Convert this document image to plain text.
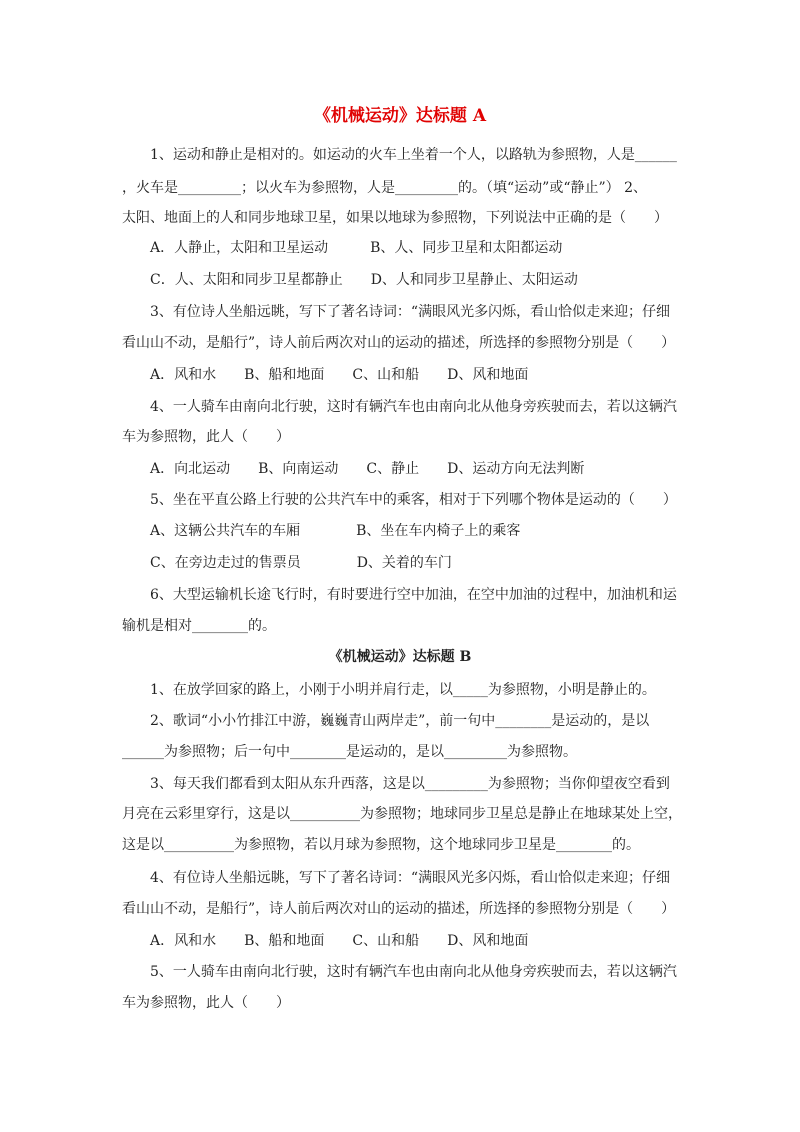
《机械运动》达标题 A
1、运动和静止是相对的。如运动的火车上坐着一个人，以路轨为参照物，人是______
，火车是_________；以火车为参照物，人是_________的。（填“运动”或“静止”） 2、
太阳、地面上的人和同步地球卫星，如果以地球为参照物，下列说法中正确的是（　　）
A．人静止，太阳和卫星运动　　　B、人、同步卫星和太阳都运动
C．人、太阳和同步卫星都静止　　D、人和同步卫星静止、太阳运动
3、有位诗人坐船远眺，写下了著名诗词：“满眼风光多闪烁，看山恰似走来迎；仔细
看山山不动，是船行”，诗人前后两次对山的运动的描述，所选择的参照物分别是（　　）
A．风和水　　B、船和地面　　C、山和船　　D、风和地面
4、一人骑车由南向北行驶，这时有辆汽车也由南向北从他身旁疾驶而去，若以这辆汽
车为参照物，此人（　　）
A．向北运动　　B、向南运动　　C、静止　　D、运动方向无法判断
5、坐在平直公路上行驶的公共汽车中的乘客，相对于下列哪个物体是运动的（　　）
A、这辆公共汽车的车厢　　　　B、坐在车内椅子上的乘客
C、在旁边走过的售票员　　　　D、关着的车门
6、大型运输机长途飞行时，有时要进行空中加油，在空中加油的过程中，加油机和运
输机是相对________的。
《机械运动》达标题 B
1、在放学回家的路上，小刚于小明并肩行走，以_____为参照物，小明是静止的。
2、歌词“小小竹排江中游，巍巍青山两岸走”，前一句中________是运动的，是以
______为参照物；后一句中________是运动的，是以_________为参照物。
3、每天我们都看到太阳从东升西落，这是以_________为参照物；当你仰望夜空看到
月亮在云彩里穿行，这是以__________为参照物；地球同步卫星总是静止在地球某处上空，
这是以__________为参照物，若以月球为参照物，这个地球同步卫星是________的。
4、有位诗人坐船远眺，写下了著名诗词：“满眼风光多闪烁，看山恰似走来迎；仔细
看山山不动，是船行”，诗人前后两次对山的运动的描述，所选择的参照物分别是（　　）
A．风和水　　B、船和地面　　C、山和船　　D、风和地面
5、一人骑车由南向北行驶，这时有辆汽车也由南向北从他身旁疾驶而去，若以这辆汽
车为参照物，此人（　　）
